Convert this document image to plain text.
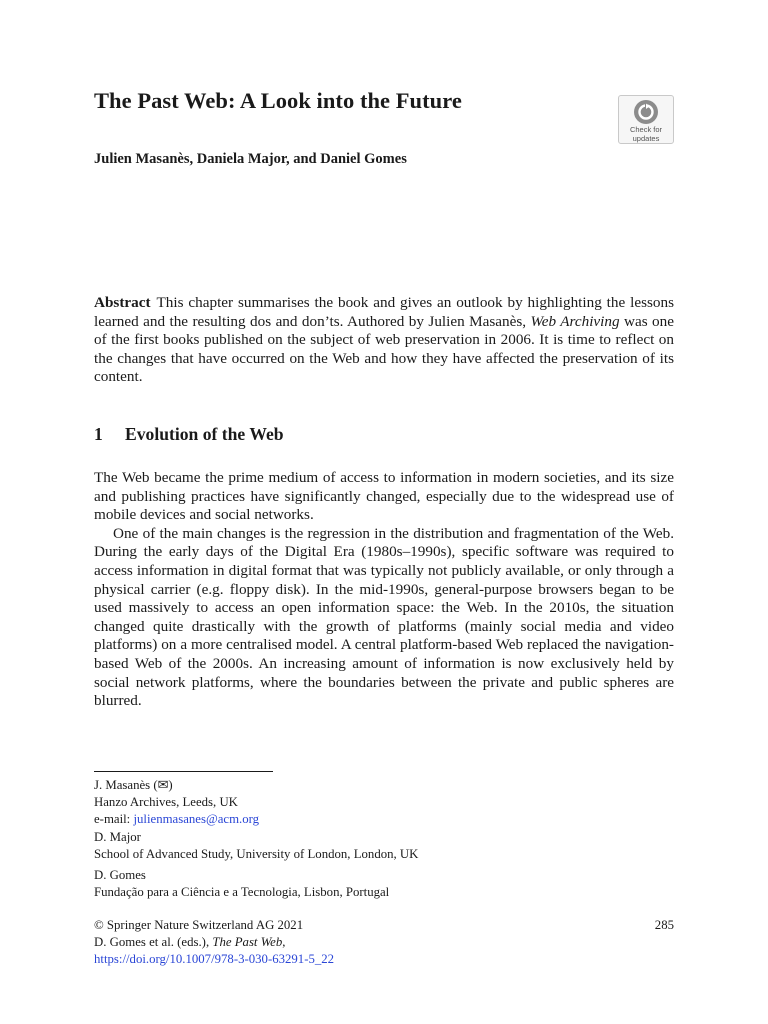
The Past Web: A Look into the Future
Check for
updates

Julien Masanès, Daniela Major, and Daniel Gomes

Abstract This chapter summarises the book and gives an outlook by highlighting the lessons learned and the resulting dos and don’ts. Authored by Julien Masanès, Web Archiving was one of the first books published on the subject of web preservation in 2006. It is time to reflect on the changes that have occurred on the Web and how they have affected the preservation of its content.

1 Evolution of the Web

The Web became the prime medium of access to information in modern societies, and its size and publishing practices have significantly changed, especially due to the widespread use of mobile devices and social networks.

One of the main changes is the regression in the distribution and fragmentation of the Web. During the early days of the Digital Era (1980s–1990s), specific software was required to access information in digital format that was typically not publicly available, or only through a physical carrier (e.g. floppy disk). In the mid-1990s, general-purpose browsers began to be used massively to access an open information space: the Web. In the 2010s, the situation changed quite drastically with the growth of platforms (mainly social media and video platforms) on a more centralised model. A central platform-based Web replaced the navigation-based Web of the 2000s. An increasing amount of information is now exclusively held by social network platforms, where the boundaries between the private and public spheres are blurred.

J. Masanès (✉)

Hanzo Archives, Leeds, UK

e-mail: julienmasanes@acm.org

D. Major

School of Advanced Study, University of London, London, UK

D. Gomes

Fundação para a Ciência e a Tecnologia, Lisbon, Portugal

© Springer Nature Switzerland AG 2021

D. Gomes et al. (eds.), The Past Web,

https://doi.org/10.1007/978-3-030-63291-5_22

285
